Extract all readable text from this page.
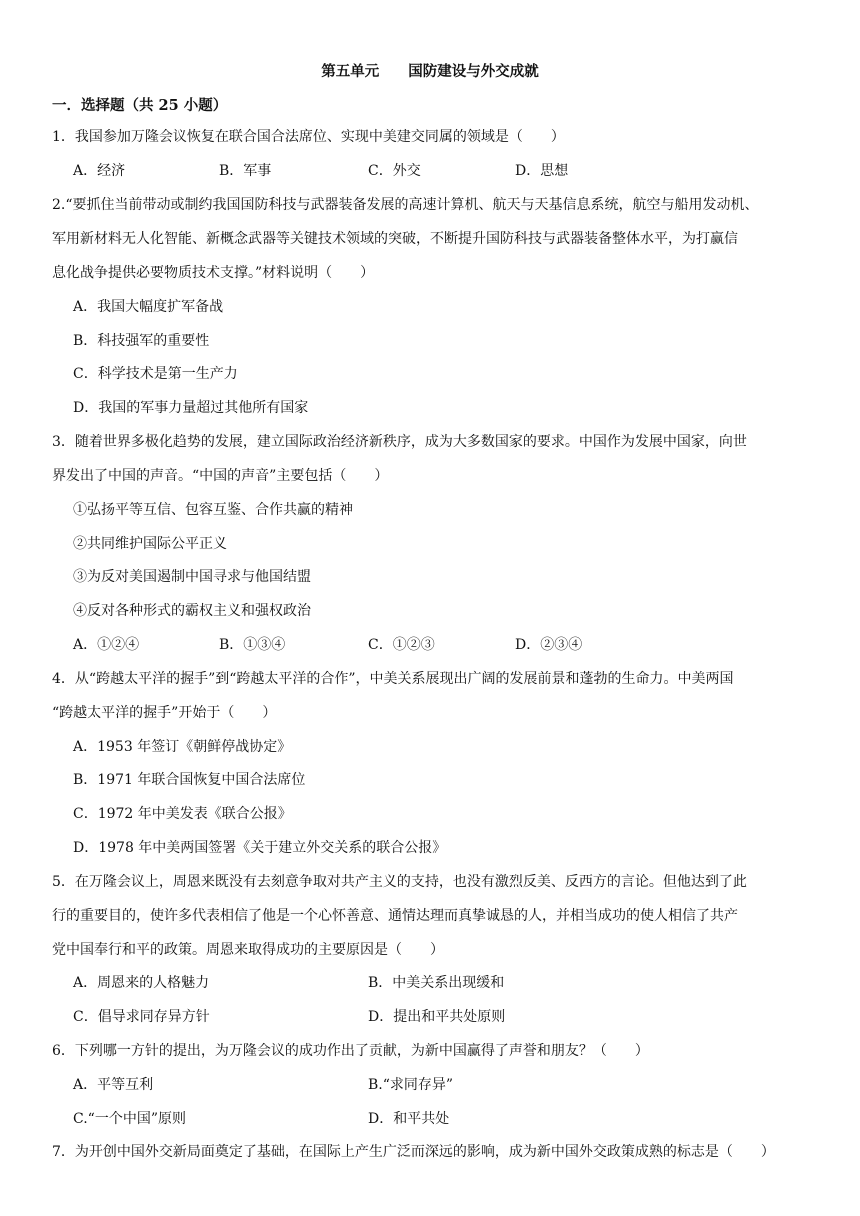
第五单元　　国防建设与外交成就
一．选择题（共 25 小题）
1．我国参加万隆会议恢复在联合国合法席位、实现中美建交同属的领域是（　　）
A．经济	B．军事	C．外交	D．思想
2.“要抓住当前带动或制约我国国防科技与武器装备发展的高速计算机、航天与天基信息系统，航空与船用发动机、
军用新材料无人化智能、新概念武器等关键技术领域的突破，不断提升国防科技与武器装备整体水平，为打赢信
息化战争提供必要物质技术支撑。”材料说明（　　）
A．我国大幅度扩军备战
B．科技强军的重要性
C．科学技术是第一生产力
D．我国的军事力量超过其他所有国家
3．随着世界多极化趋势的发展，建立国际政治经济新秩序，成为大多数国家的要求。中国作为发展中国家，向世
界发出了中国的声音。“中国的声音”主要包括（　　）
①弘扬平等互信、包容互鉴、合作共赢的精神
②共同维护国际公平正义
③为反对美国遏制中国寻求与他国结盟
④反对各种形式的霸权主义和强权政治
A．①②④	B．①③④	C．①②③	D．②③④
4．从“跨越太平洋的握手”到“跨越太平洋的合作”，中美关系展现出广阔的发展前景和蓬勃的生命力。中美两国
“跨越太平洋的握手”开始于（　　）
A．1953 年签订《朝鲜停战协定》
B．1971 年联合国恢复中国合法席位
C．1972 年中美发表《联合公报》
D．1978 年中美两国签署《关于建立外交关系的联合公报》
5．在万隆会议上，周恩来既没有去刻意争取对共产主义的支持，也没有激烈反美、反西方的言论。但他达到了此
行的重要目的，使许多代表相信了他是一个心怀善意、通情达理而真挚诚恳的人，并相当成功的使人相信了共产
党中国奉行和平的政策。周恩来取得成功的主要原因是（　　）
A．周恩来的人格魅力	B．中美关系出现缓和
C．倡导求同存异方针	D．提出和平共处原则
6．下列哪一方针的提出，为万隆会议的成功作出了贡献，为新中国赢得了声誉和朋友？（　　）
A．平等互利	B.“求同存异”
C.“一个中国”原则	D．和平共处
7．为开创中国外交新局面奠定了基础，在国际上产生广泛而深远的影响，成为新中国外交政策成熟的标志是（　　）
